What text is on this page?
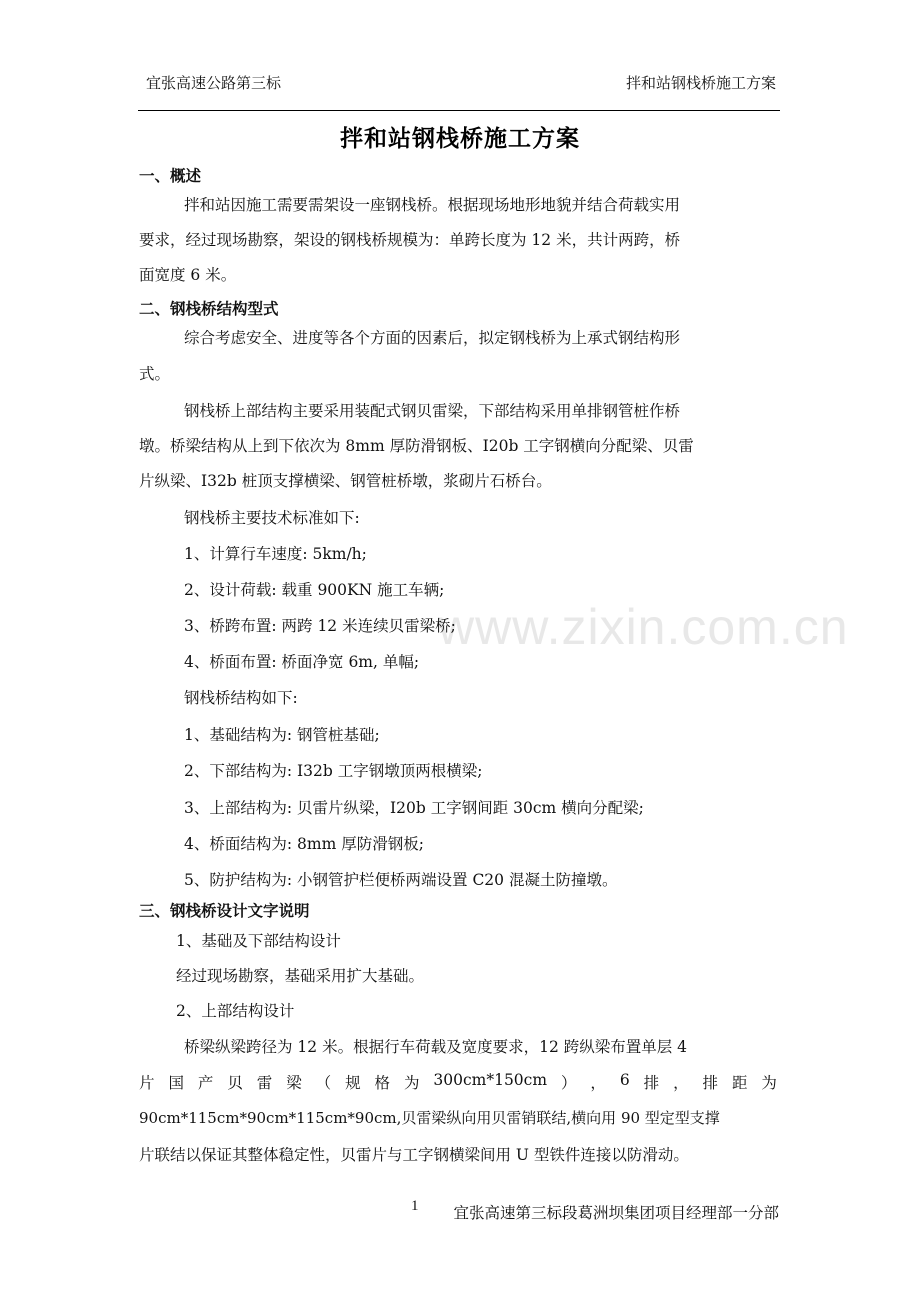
宜张高速公路第三标	拌和站钢栈桥施工方案
拌和站钢栈桥施工方案
www.zixin.com.cn
一、概述
拌和站因施工需要需架设一座钢栈桥。根据现场地形地貌并结合荷载实用
要求，经过现场勘察，架设的钢栈桥规模为：单跨长度为 12 米，共计两跨，桥
面宽度 6 米。
二、钢栈桥结构型式
综合考虑安全、进度等各个方面的因素后，拟定钢栈桥为上承式钢结构形
式。
钢栈桥上部结构主要采用装配式钢贝雷梁，下部结构采用单排钢管桩作桥
墩。桥梁结构从上到下依次为 8mm 厚防滑钢板、I20b 工字钢横向分配梁、贝雷
片纵梁、I32b 桩顶支撑横梁、钢管桩桥墩，浆砌片石桥台。
钢栈桥主要技术标准如下:
1、计算行车速度: 5km/h;
2、设计荷载: 载重 900KN 施工车辆;
3、桥跨布置: 两跨 12 米连续贝雷梁桥;
4、桥面布置: 桥面净宽 6m, 单幅;
钢栈桥结构如下:
1、基础结构为: 钢管桩基础;
2、下部结构为: I32b 工字钢墩顶两根横梁;
3、上部结构为: 贝雷片纵梁，I20b 工字钢间距 30cm 横向分配梁;
4、桥面结构为: 8mm 厚防滑钢板;
5、防护结构为: 小钢管护栏便桥两端设置 C20 混凝土防撞墩。
三、钢栈桥设计文字说明
1、基础及下部结构设计
经过现场勘察，基础采用扩大基础。
2、上部结构设计
桥梁纵梁跨径为 12 米。根据行车荷载及宽度要求，12 跨纵梁布置单层 4
片 国 产 贝 雷 梁 （ 规 格 为 300cm*150cm ） ， 6 排 ， 排 距 为
90cm*115cm*90cm*115cm*90cm,贝雷梁纵向用贝雷销联结,横向用 90 型定型支撑
片联结以保证其整体稳定性，贝雷片与工字钢横梁间用 U 型铁件连接以防滑动。
1 宜张高速第三标段葛洲坝集团项目经理部一分部
